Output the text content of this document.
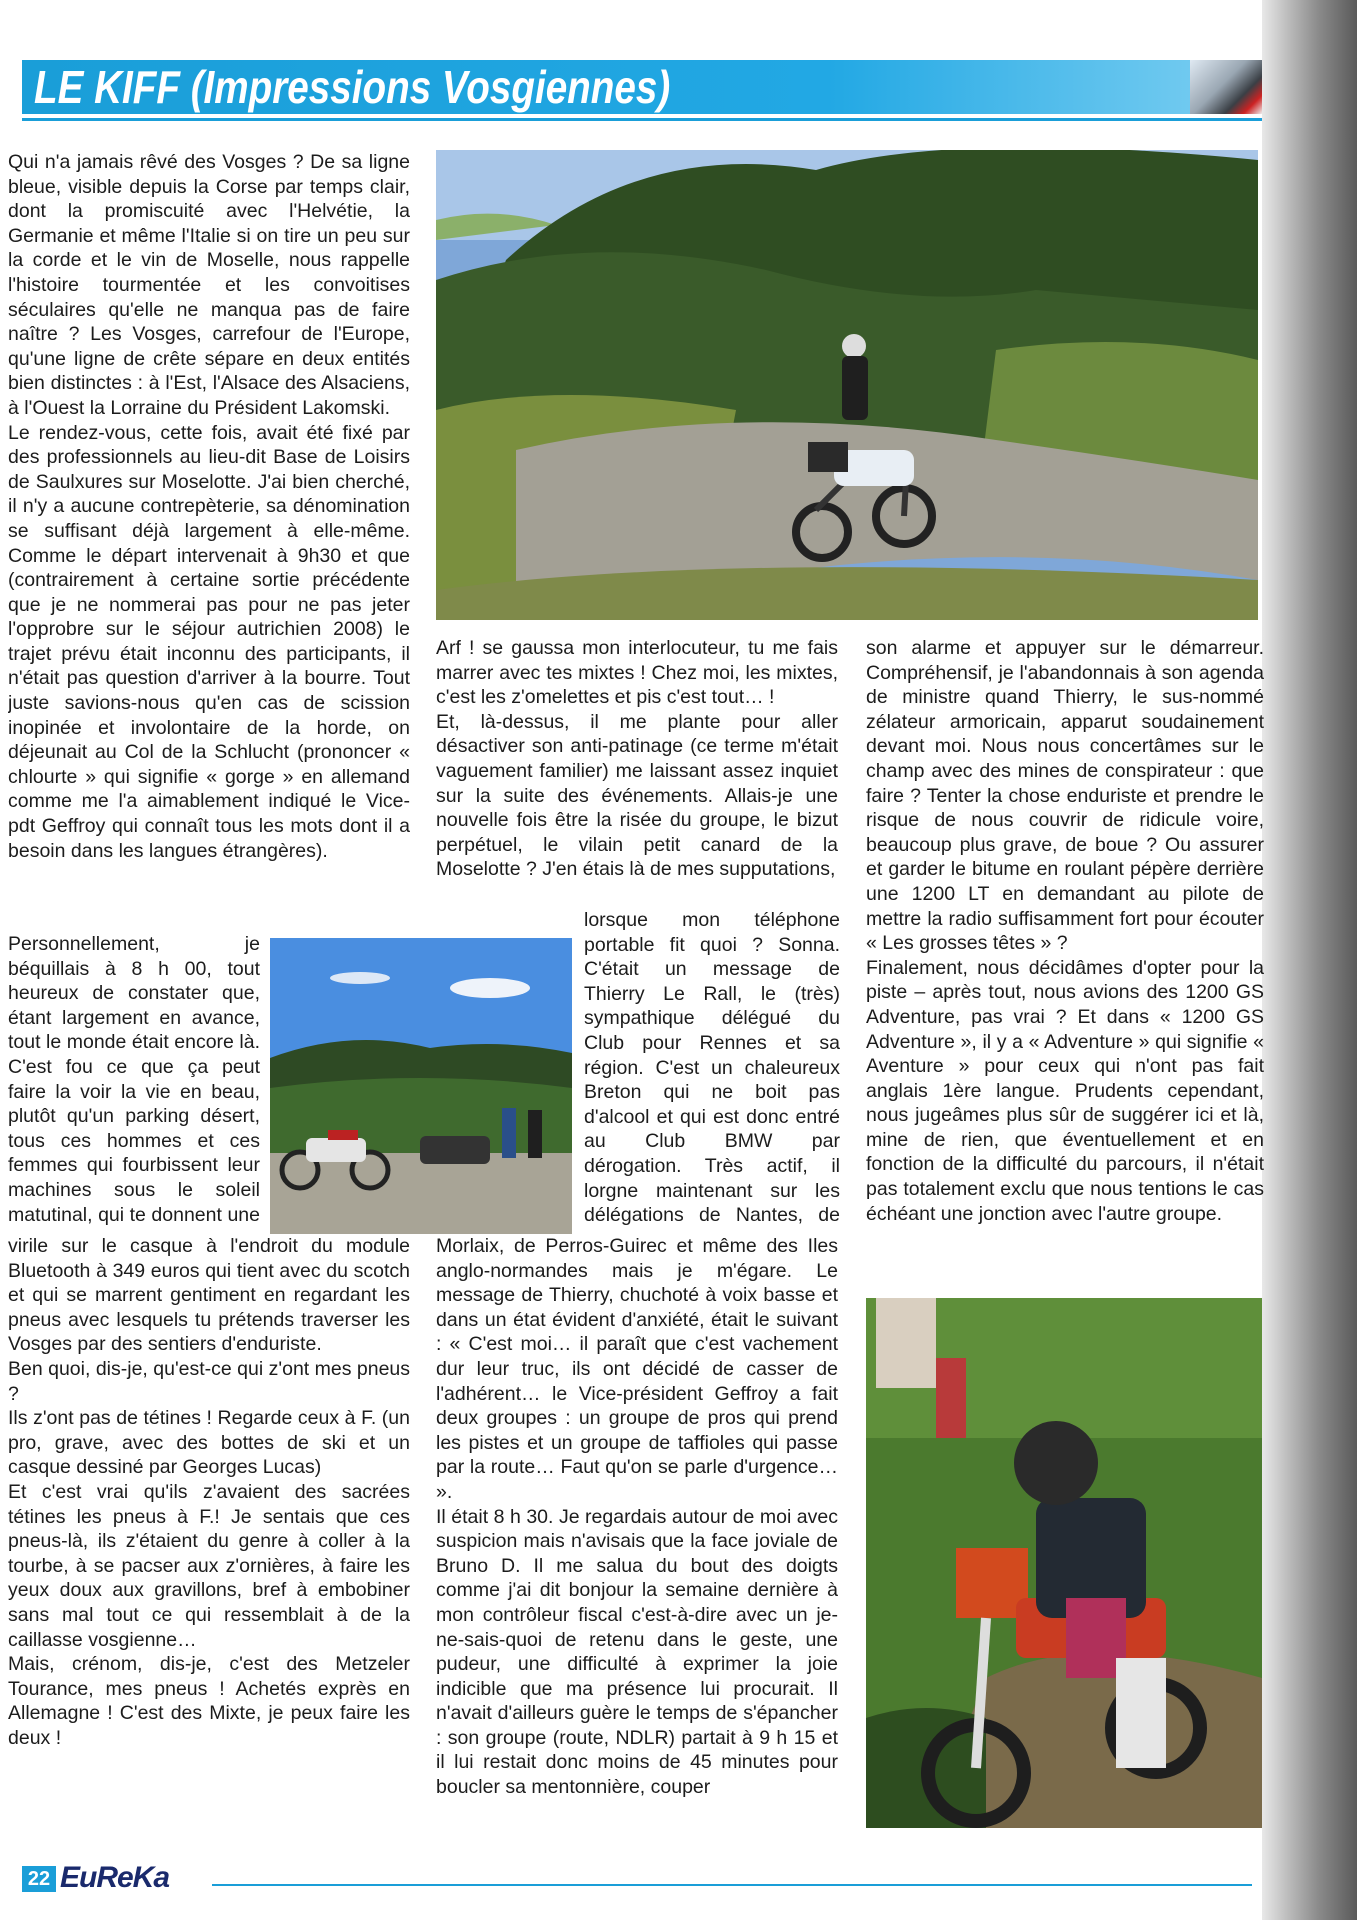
LE KIFF (Impressions Vosgiennes)

Qui n'a jamais rêvé des Vosges ? De sa ligne bleue, visible depuis la Corse par temps clair, dont la promiscuité avec l'Helvétie, la Germanie et même l'Italie si on tire un peu sur la corde et le vin de Moselle, nous rappelle l'histoire tourmentée et les convoitises séculaires qu'elle ne manqua pas de faire naître ? Les Vosges, carrefour de l'Europe, qu'une ligne de crête sépare en deux entités bien distinctes : à l'Est, l'Alsace des Alsaciens, à l'Ouest la Lorraine du Président Lakomski.

Le rendez-vous, cette fois, avait été fixé par des professionnels au lieu-dit Base de Loisirs de Saulxures sur Moselotte. J'ai bien cherché, il n'y a aucune contrepèterie, sa dénomination se suffisant déjà largement à elle-même. Comme le départ intervenait à 9h30 et que (contrairement à certaine sortie précédente que je ne nommerai pas pour ne pas jeter l'opprobre sur le séjour autrichien 2008) le trajet prévu était inconnu des participants, il n'était pas question d'arriver à la bourre. Tout juste savions-nous qu'en cas de scission inopinée et involontaire de la horde, on déjeunait au Col de la Schlucht (prononcer « chlourte » qui signifie « gorge » en allemand comme me l'a aimablement indiqué le Vice-pdt Geffroy qui connaît tous les mots dont il a besoin dans les langues étrangères).

Personnellement, je béquillais à 8 h 00, tout heureux de constater que, étant largement en avance, tout le monde était encore là. C'est fou ce que ça peut faire la voir la vie en beau, plutôt qu'un parking désert, tous ces hommes et ces femmes qui fourbissent leur machines sous le soleil matutinal, qui te donnent une

virile sur le casque à l'endroit du module Bluetooth à 349 euros qui tient avec du scotch et qui se marrent gentiment en regardant les pneus avec lesquels tu prétends traverser les Vosges par des sentiers d'enduriste.

Ben quoi, dis-je, qu'est-ce qui z'ont mes pneus ?

Ils z'ont pas de tétines ! Regarde ceux à F. (un pro, grave, avec des bottes de ski et un casque dessiné par Georges Lucas)

Et c'est vrai qu'ils z'avaient des sacrées tétines les pneus à F.! Je sentais que ces pneus-là, ils z'étaient du genre à coller à la tourbe, à se pacser aux z'ornières, à faire les yeux doux aux gravillons, bref à embobiner sans mal tout ce qui ressemblait à de la caillasse vosgienne…

Mais, crénom, dis-je, c'est des Metzeler Tourance, mes pneus ! Achetés exprès en Allemagne ! C'est des Mixte, je peux faire les deux !

Arf ! se gaussa mon interlocuteur, tu me fais marrer avec tes mixtes ! Chez moi, les mixtes, c'est les z'omelettes et pis c'est tout… !

Et, là-dessus, il me plante pour aller désactiver son anti-patinage (ce terme m'était vaguement familier) me laissant assez inquiet sur la suite des événements. Allais-je une nouvelle fois être la risée du groupe, le bizut perpétuel, le vilain petit canard de la Moselotte ? J'en étais là de mes supputations,

lorsque mon téléphone portable fit quoi ? Sonna. C'était un message de Thierry Le Rall, le (très) sympathique délégué du Club pour Rennes et sa région. C'est un chaleureux Breton qui ne boit pas d'alcool et qui est donc entré au Club BMW par dérogation. Très actif, il lorgne maintenant sur les délégations de Nantes, de

Morlaix, de Perros-Guirec et même des Iles anglo-normandes mais je m'égare. Le message de Thierry, chuchoté à voix basse et dans un état évident d'anxiété, était le suivant : « C'est moi… il paraît que c'est vachement dur leur truc, ils ont décidé de casser de l'adhérent… le Vice-président Geffroy a fait deux groupes : un groupe de pros qui prend les pistes et un groupe de taffioles qui passe par la route… Faut qu'on se parle d'urgence… ».

Il était 8 h 30. Je regardais autour de moi avec suspicion mais n'avisais que la face joviale de Bruno D. Il me salua du bout des doigts comme j'ai dit bonjour la semaine dernière à mon contrôleur fiscal c'est-à-dire avec un je-ne-sais-quoi de retenu dans le geste, une pudeur, une difficulté à exprimer la joie indicible que ma présence lui procurait. Il n'avait d'ailleurs guère le temps de s'épancher : son groupe (route, NDLR) partait à 9 h 15 et il lui restait donc moins de 45 minutes pour boucler sa mentonnière, couper

son alarme et appuyer sur le démarreur. Compréhensif, je l'abandonnais à son agenda de ministre quand Thierry, le sus-nommé zélateur armoricain, apparut soudainement devant moi. Nous nous concertâmes sur le champ avec des mines de conspirateur : que faire ? Tenter la chose enduriste et prendre le risque de nous couvrir de ridicule voire, beaucoup plus grave, de boue ? Ou assurer et garder le bitume en roulant pépère derrière une 1200 LT en demandant au pilote de mettre la radio suffisamment fort pour écouter « Les grosses têtes » ?

Finalement, nous décidâmes d'opter pour la piste – après tout, nous avions des 1200 GS Adventure, pas vrai ? Et dans « 1200 GS Adventure », il y a « Adventure » qui signifie « Aventure » pour ceux qui n'ont pas fait anglais 1ère langue. Prudents cependant, nous jugeâmes plus sûr de suggérer ici et là, mine de rien, que éventuellement et en fonction de la difficulté du parcours, il n'était pas totalement exclu que nous tentions le cas échéant une jonction avec l'autre groupe.

22 EuReKa
